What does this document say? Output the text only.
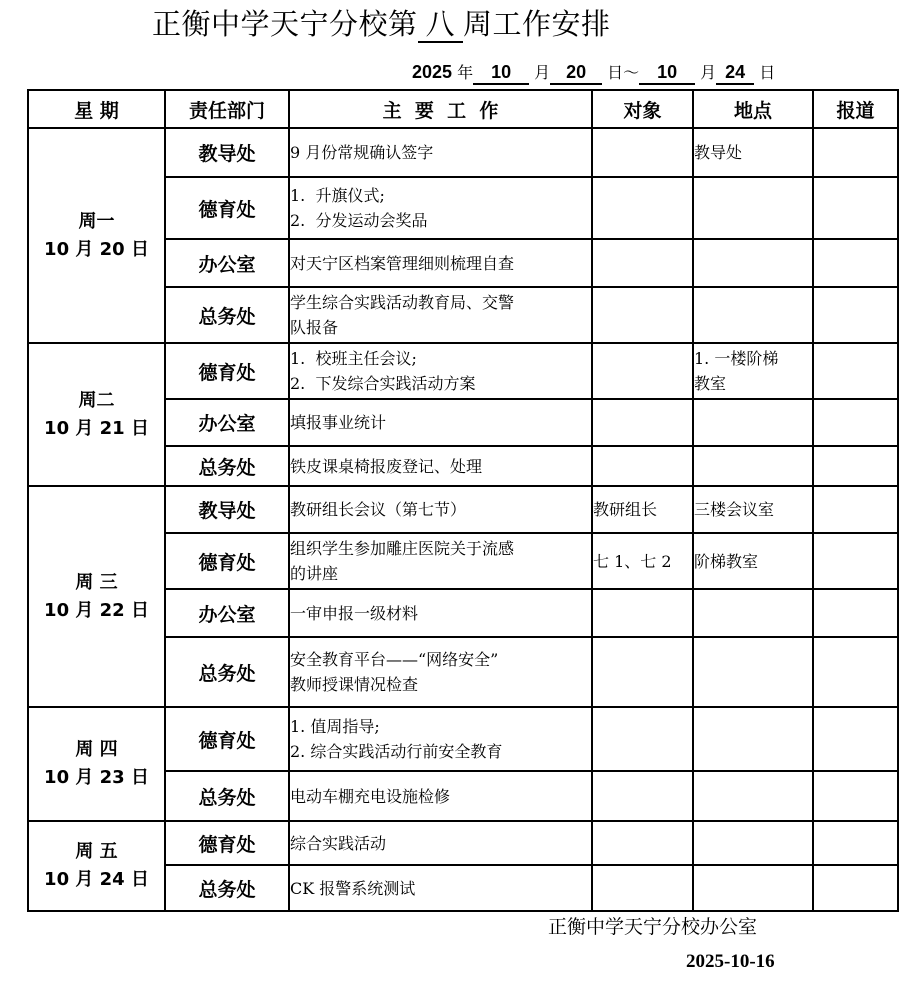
正衡中学天宁分校第 八 周工作安排
2025 年 10 月 20 日～ 10 月 24 日
星 期	责任部门	主  要  工  作	对象	地点	报道

周一
10 月 20 日	教导处	9 月份常规确认签字		教导处	

	德育处	1.  升旗仪式;
2.  分发运动会奖品			

	办公室	对天宁区档案管理细则梳理自查			

	总务处	学生综合实践活动教育局、交警
队报备			

周二
10 月 21 日	德育处	1.  校班主任会议;
2.  下发综合实践活动方案		1. 一楼阶梯
教室	

	办公室	填报事业统计			

	总务处	铁皮课桌椅报废登记、处理			

周 三
10 月 22 日	教导处	教研组长会议（第七节）	教研组长	三楼会议室	

	德育处	组织学生参加雕庄医院关于流感
的讲座	七 1、七 2	阶梯教室	

	办公室	一审申报一级材料			

	总务处	安全教育平台——“网络安全”
教师授课情况检查			

周 四
10 月 23 日	德育处	1. 值周指导;
2. 综合实践活动行前安全教育			

	总务处	电动车棚充电设施检修			

周 五
10 月 24 日	德育处	综合实践活动			

	总务处	CK 报警系统测试			

正衡中学天宁分校办公室
2025-10-16
